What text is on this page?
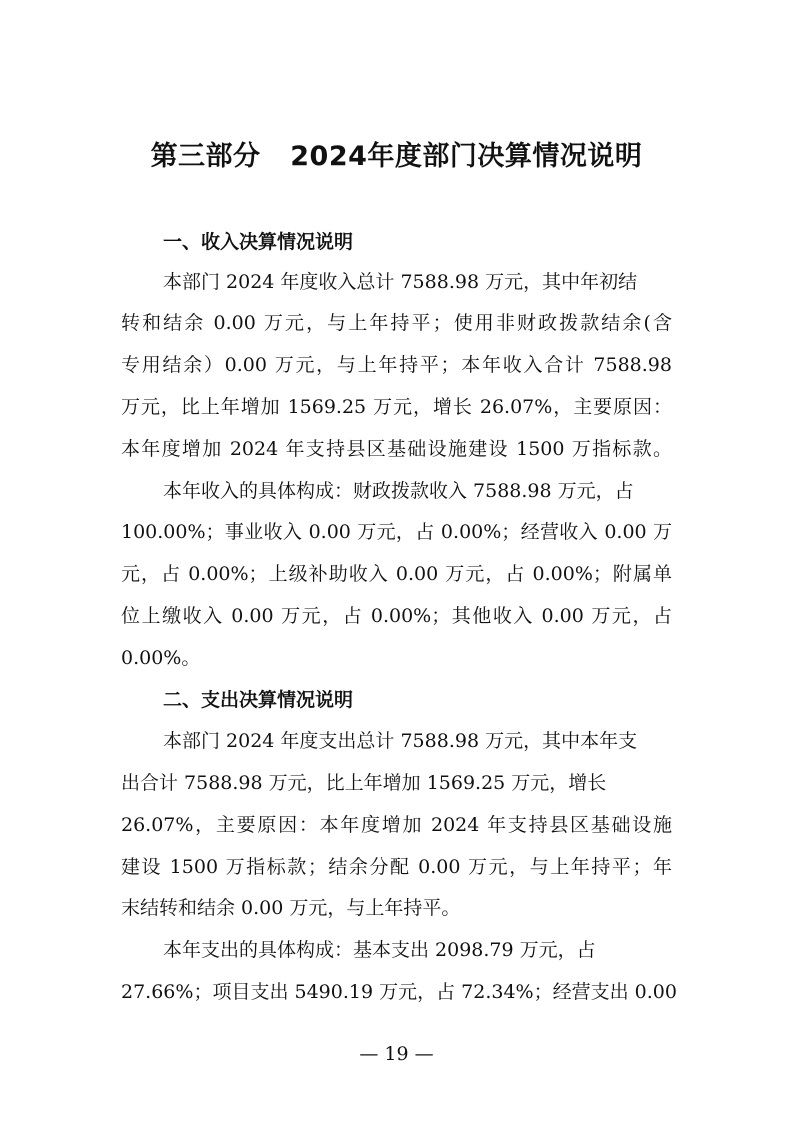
第三部分   2024年度部门决算情况说明
一、收入决算情况说明
本部门 2024 年度收入总计 7588.98 万元，其中年初结
转和结余 0.00 万元，与上年持平；使用非财政拨款结余(含
专用结余）0.00 万元，与上年持平；本年收入合计 7588.98
万元，比上年增加 1569.25 万元，增长 26.07%，主要原因：
本年度增加 2024 年支持县区基础设施建设 1500 万指标款。
本年收入的具体构成：财政拨款收入 7588.98 万元，占
100.00%；事业收入 0.00 万元，占 0.00%；经营收入 0.00 万
元，占 0.00%；上级补助收入 0.00 万元，占 0.00%；附属单
位上缴收入 0.00 万元，占 0.00%；其他收入 0.00 万元，占
0.00%。
二、支出决算情况说明
本部门 2024 年度支出总计 7588.98 万元，其中本年支
出合计 7588.98 万元，比上年增加 1569.25 万元，增长
26.07%，主要原因：本年度增加 2024 年支持县区基础设施
建设 1500 万指标款；结余分配 0.00 万元，与上年持平；年
末结转和结余 0.00 万元，与上年持平。
本年支出的具体构成：基本支出 2098.79 万元，占
27.66%；项目支出 5490.19 万元，占 72.34%；经营支出 0.00
— 19 —
